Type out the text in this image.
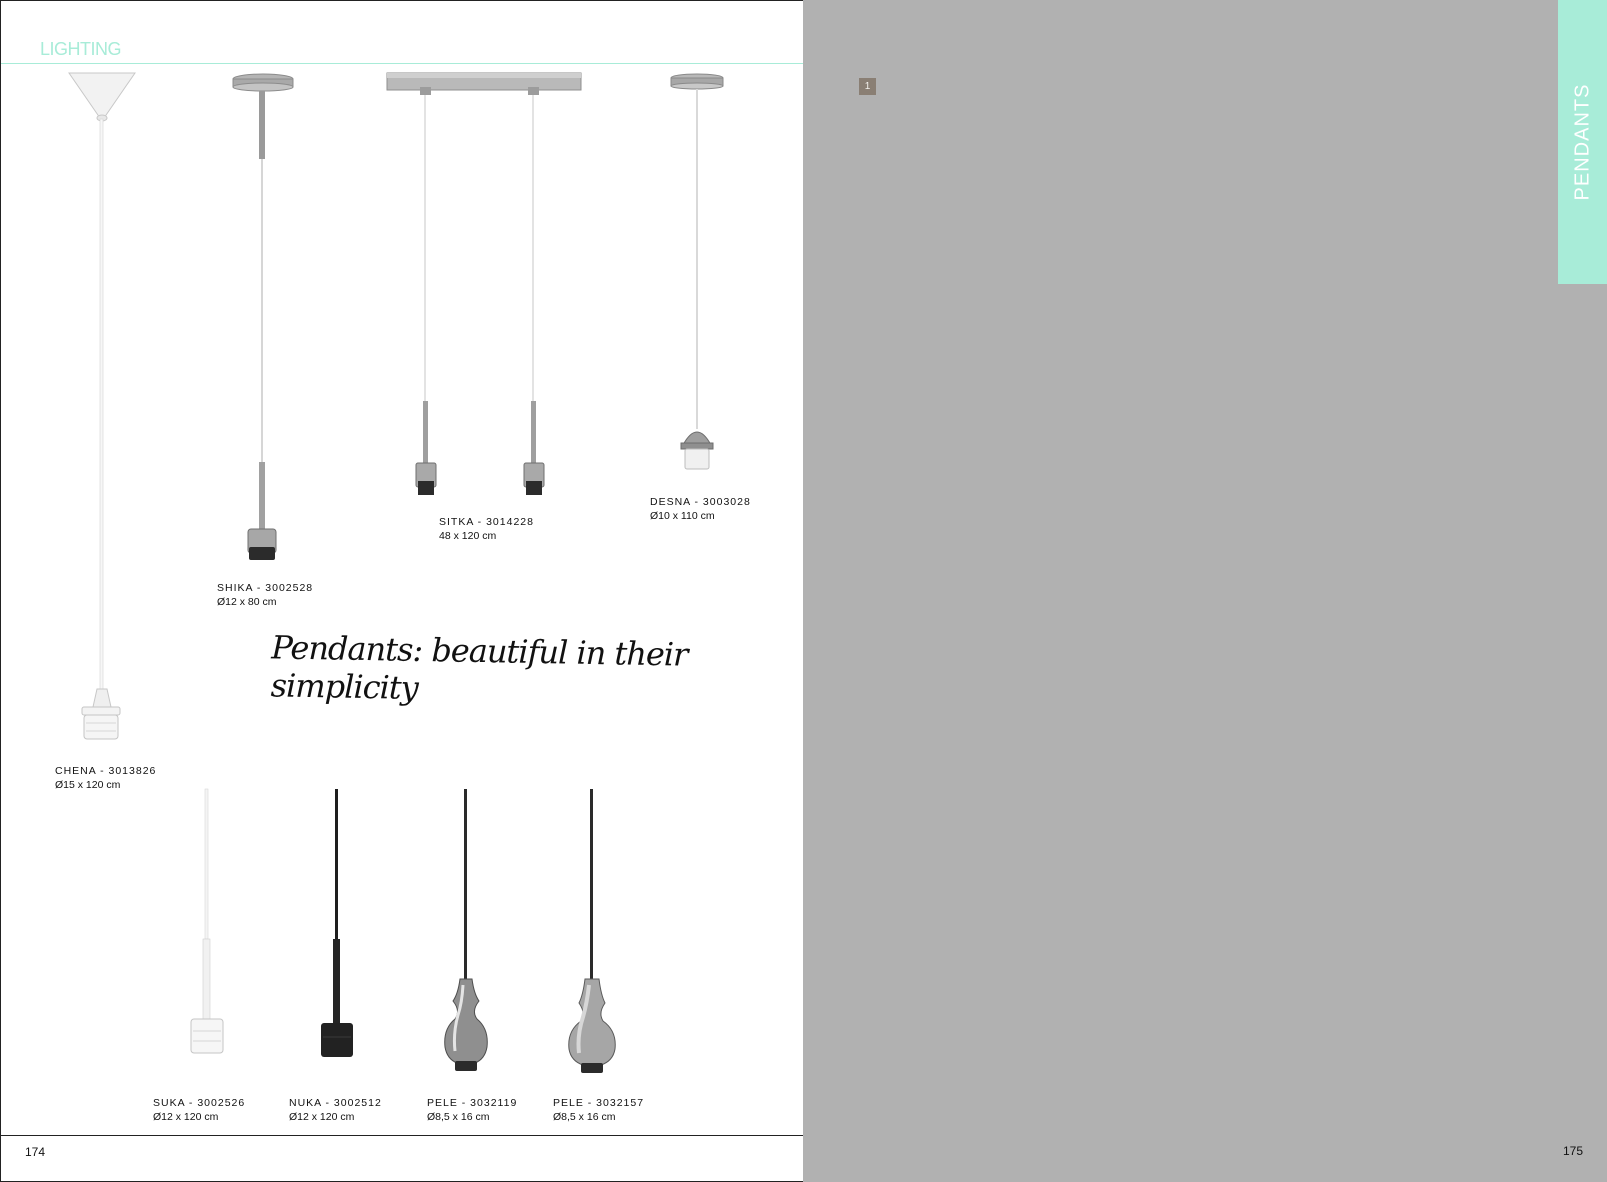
LIGHTING
CHENA - 3013826
Ø15 x 120 cm
SHIKA - 3002528
Ø12 x 80 cm
SITKA - 3014228
48 x 120 cm
DESNA - 3003028
Ø10 x 110 cm
Pendants: beautiful in their simplicity
SUKA - 3002526
Ø12 x 120 cm
NUKA - 3002512
Ø12 x 120 cm
PELE - 3032119
Ø8,5 x 16 cm
PELE - 3032157
Ø8,5 x 16 cm
174
1	PENDANTS
175
